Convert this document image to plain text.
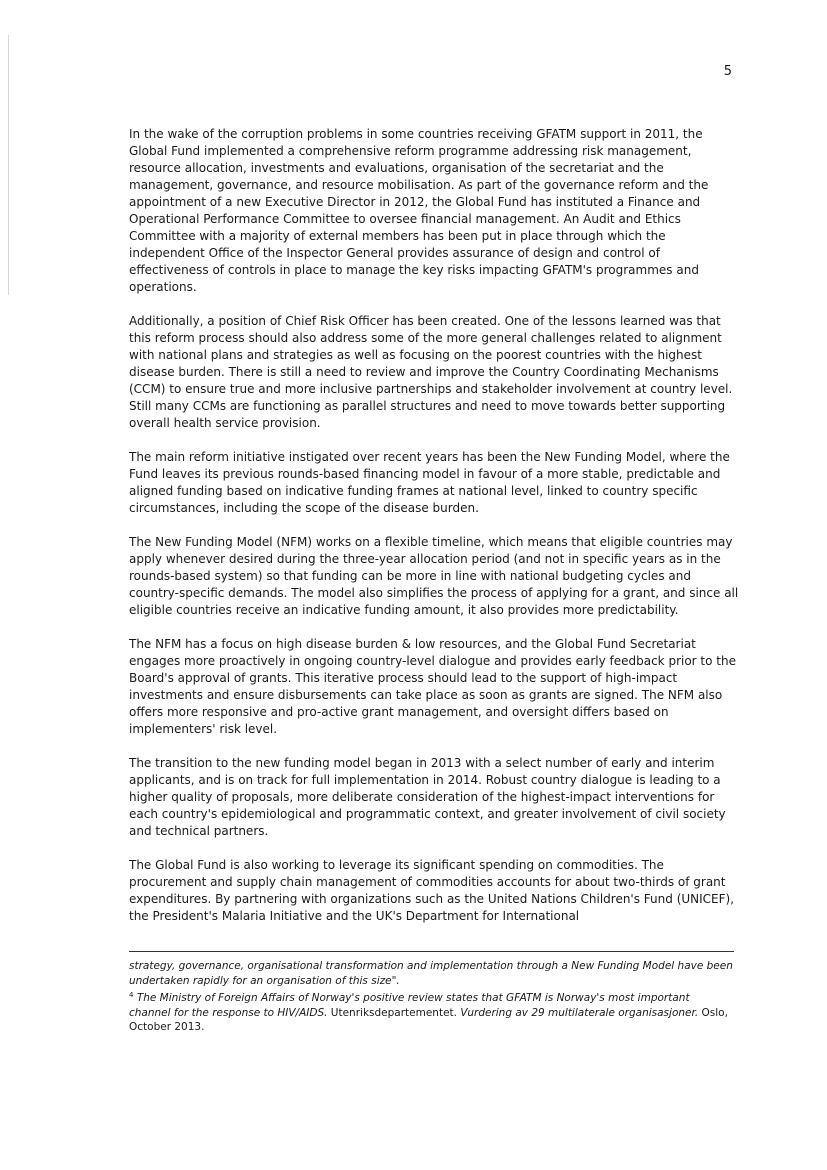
5

In the wake of the corruption problems in some countries receiving GFATM support in 2011, the Global Fund implemented a comprehensive reform programme addressing risk management, resource allocation, investments and evaluations, organisation of the secretariat and the management, governance, and resource mobilisation. As part of the governance reform and the appointment of a new Executive Director in 2012, the Global Fund has instituted a Finance and Operational Performance Committee to oversee financial management. An Audit and Ethics Committee with a majority of external members has been put in place through which the independent Office of the Inspector General provides assurance of design and control of effectiveness of controls in place to manage the key risks impacting GFATM's programmes and operations.

Additionally, a position of Chief Risk Officer has been created. One of the lessons learned was that this reform process should also address some of the more general challenges related to alignment with national plans and strategies as well as focusing on the poorest countries with the highest disease burden. There is still a need to review and improve the Country Coordinating Mechanisms (CCM) to ensure true and more inclusive partnerships and stakeholder involvement at country level. Still many CCMs are functioning as parallel structures and need to move towards better supporting overall health service provision.

The main reform initiative instigated over recent years has been the New Funding Model, where the Fund leaves its previous rounds-based financing model in favour of a more stable, predictable and aligned funding based on indicative funding frames at national level, linked to country specific circumstances, including the scope of the disease burden.

The New Funding Model (NFM) works on a flexible timeline, which means that eligible countries may apply whenever desired during the three-year allocation period (and not in specific years as in the rounds-based system) so that funding can be more in line with national budgeting cycles and country-specific demands. The model also simplifies the process of applying for a grant, and since all eligible countries receive an indicative funding amount, it also provides more predictability.

The NFM has a focus on high disease burden & low resources, and the Global Fund Secretariat engages more proactively in ongoing country-level dialogue and provides early feedback prior to the Board's approval of grants. This iterative process should lead to the support of high-impact investments and ensure disbursements can take place as soon as grants are signed. The NFM also offers more responsive and pro-active grant management, and oversight differs based on implementers' risk level.

The transition to the new funding model began in 2013 with a select number of early and interim applicants, and is on track for full implementation in 2014. Robust country dialogue is leading to a higher quality of proposals, more deliberate consideration of the highest-impact interventions for each country's epidemiological and programmatic context, and greater involvement of civil society and technical partners.

The Global Fund is also working to leverage its significant spending on commodities. The procurement and supply chain management of commodities accounts for about two-thirds of grant expenditures. By partnering with organizations such as the United Nations Children's Fund (UNICEF), the President's Malaria Initiative and the UK's Department for International

strategy, governance, organisational transformation and implementation through a New Funding Model have been undertaken rapidly for an organisation of this size".

$^4$ The Ministry of Foreign Affairs of Norway's positive review states that GFATM is Norway's most important channel for the response to HIV/AIDS. Utenriksdepartementet. Vurdering av 29 multilaterale organisasjoner. Oslo, October 2013.
